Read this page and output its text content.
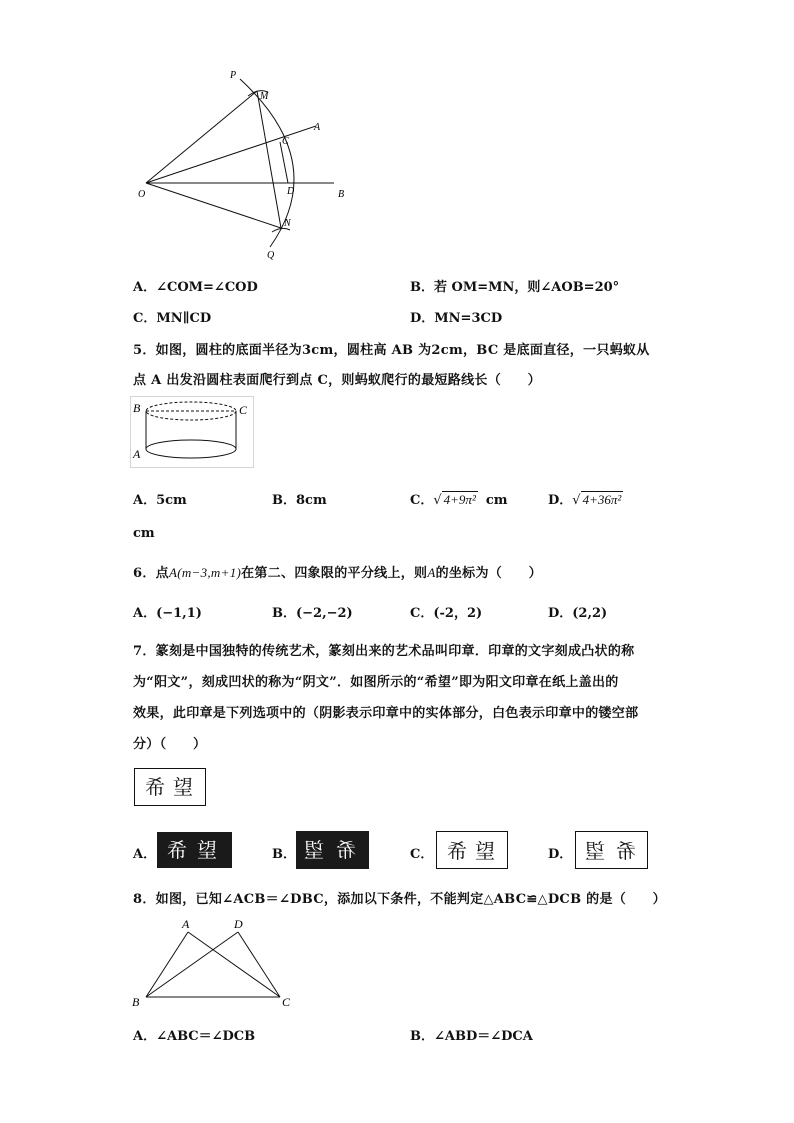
P
M
A
C
O	D	B
N
Q
A．∠COM=∠COD	B．若 OM=MN，则∠AOB=20°
C．MN∥CD	D．MN=3CD
5．如图，圆柱的底面半径为3cm，圆柱高 AB 为2cm，BC 是底面直径，一只蚂蚁从
点 A 出发沿圆柱表面爬行到点 C，则蚂蚁爬行的最短路线长（　　）
B	C
A
A．5cm	B．8cm	C．√ 4+9π² cm	D．√ 4+36π²
cm
6．点A(m−3,m+1)在第二、四象限的平分线上，则A的坐标为（　　）
A．(−1,1)	B．(−2,−2)	C．(-2，2)	D．(2,2)
7．篆刻是中国独特的传统艺术，篆刻出来的艺术品叫印章．印章的文字刻成凸状的称
为“阳文”，刻成凹状的称为“阴文”．如图所示的“希望”即为阳文印章在纸上盖出的
效果，此印章是下列选项中的（阴影表示印章中的实体部分，白色表示印章中的镂空部
分）（　　）
希 望
A． 希 望	B． 望 希	C． 希 望	D． 望 希
8．如图，已知∠ACB＝∠DBC，添加以下条件，不能判定△ABC≌△DCB 的是（　　）
A	D
B	C
A．∠ABC＝∠DCB	B．∠ABD＝∠DCA
